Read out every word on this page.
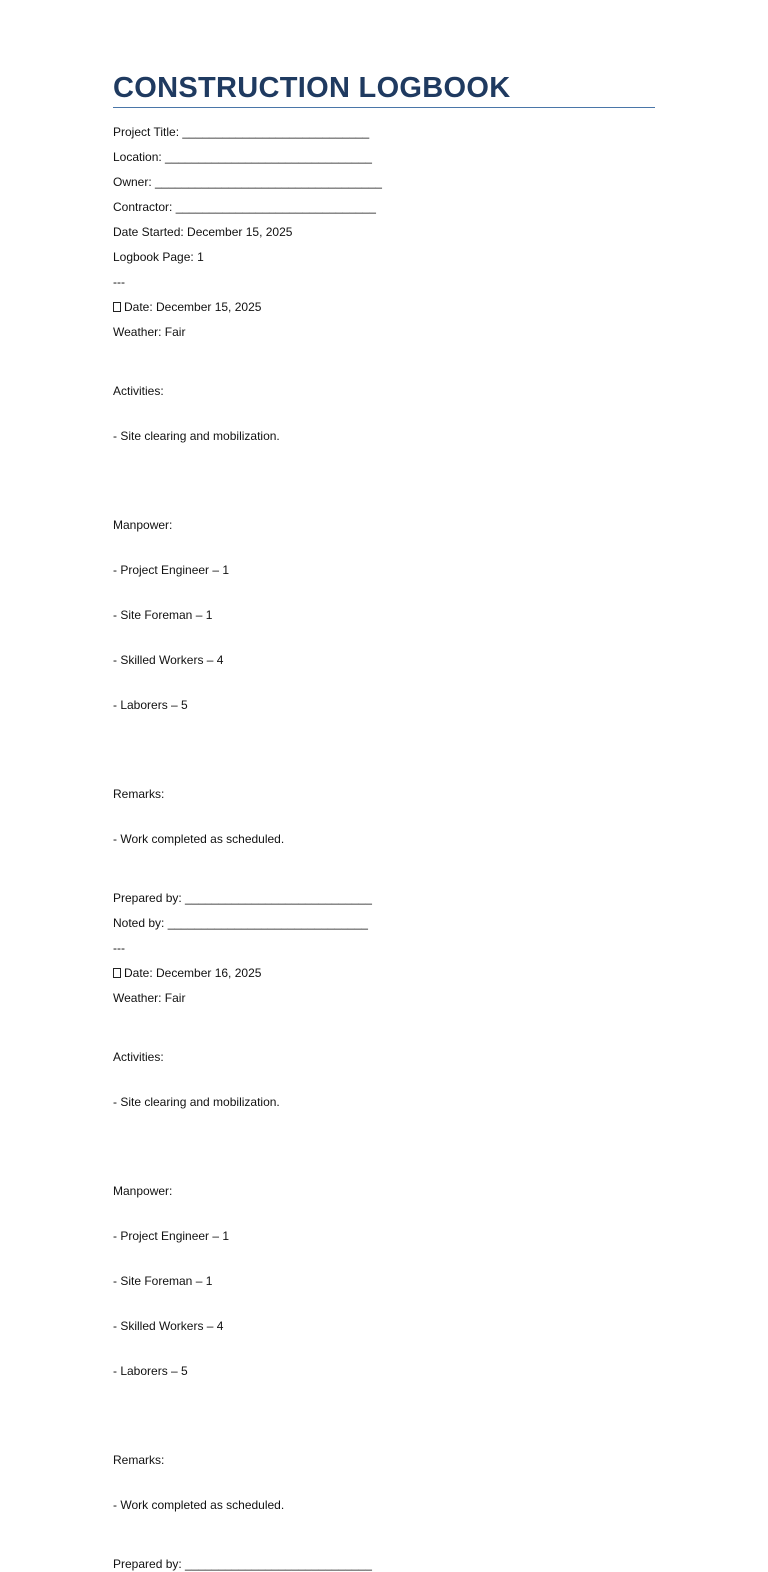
CONSTRUCTION LOGBOOK
Project Title: ____________________________
Location: _______________________________
Owner: __________________________________
Contractor: ______________________________
Date Started: December 15, 2025
Logbook Page: 1
---
Date: December 15, 2025
Weather: Fair

Activities:

- Site clearing and mobilization.

Manpower:

- Project Engineer – 1

- Site Foreman – 1

- Skilled Workers – 4

- Laborers – 5

Remarks:

- Work completed as scheduled.

Prepared by: ____________________________
Noted by: ______________________________
---
Date: December 16, 2025
Weather: Fair

Activities:

- Site clearing and mobilization.

Manpower:

- Project Engineer – 1

- Site Foreman – 1

- Skilled Workers – 4

- Laborers – 5

Remarks:

- Work completed as scheduled.

Prepared by: ____________________________
